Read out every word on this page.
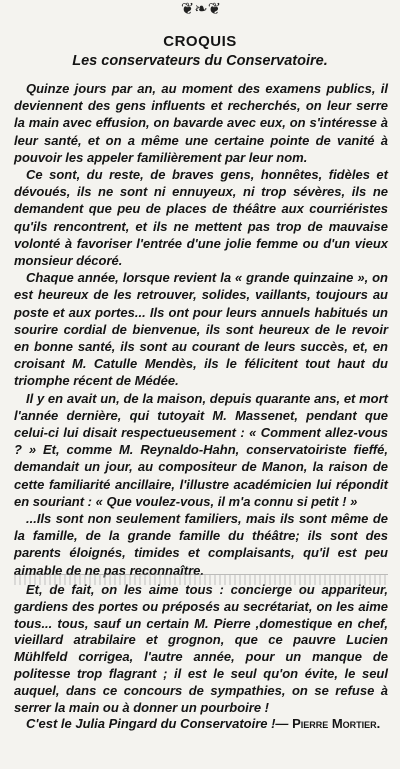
❦ ❧ ❦
CROQUIS
Les conservateurs du Conservatoire.

Quinze jours par an, au moment des examens publics, il deviennent des gens influents et recherchés, on leur serre la main avec effusion, on bavarde avec eux, on s'intéresse à leur santé, et on a même une certaine pointe de vanité à pouvoir les appeler familièrement par leur nom.

Ce sont, du reste, de braves gens, honnêtes, fidèles et dévoués, ils ne sont ni ennuyeux, ni trop sévères, ils ne demandent que peu de places de théâtre aux courriéristes qu'ils rencontrent, et ils ne mettent pas trop de mauvaise volonté à favoriser l'entrée d'une jolie femme ou d'un vieux monsieur décoré.

Chaque année, lorsque revient la « grande quinzaine », on est heureux de les retrouver, solides, vaillants, toujours au poste et aux portes... Ils ont pour leurs annuels habitués un sourire cordial de bienvenue, ils sont heureux de le revoir en bonne santé, ils sont au courant de leurs succès, et, en croisant M. Catulle Mendès, ils le félicitent tout haut du triomphe récent de Médée.

Il y en avait un, de la maison, depuis quarante ans, et mort l'année dernière, qui tutoyait M. Massenet, pendant que celui-ci lui disait respectueusement : « Comment allez-vous ? » Et, comme M. Reynaldo-Hahn, conservatoiriste fieffé, demandait un jour, au compositeur de Manon, la raison de cette familiarité ancillaire, l'illustre académicien lui répondit en souriant : « Que voulez-vous, il m'a connu si petit ! »

...Ils sont non seulement familiers, mais ils sont même de la famille, de la grande famille du théâtre; ils sont des parents éloignés, timides et complaisants, qu'il est peu aimable de ne pas reconnaître.

Et, de fait, on les aime tous : concierge ou appariteur, gardiens des portes ou préposés au secrétariat, on les aime tous... tous, sauf un certain M. Pierre ,domestique en chef, vieillard atrabilaire et grognon, que ce pauvre Lucien Mühlfeld corrigea, l'autre année, pour un manque de politesse trop flagrant ; il est le seul qu'on évite, le seul auquel, dans ce concours de sympathies, on se refuse à serrer la main ou à donner un pourboire !

C'est le Julia Pingard du Conservatoire !— Pierre Mortier.
